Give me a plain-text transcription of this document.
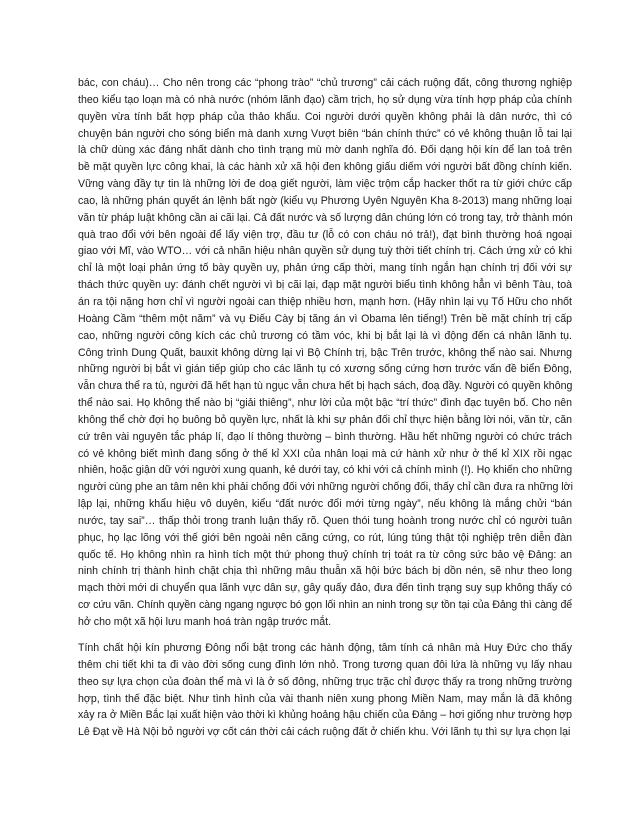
bác, con cháu)… Cho nên trong các “phong trào” “chủ trương” cải cách ruộng đất, công thương nghiệp
theo kiểu tạo loạn mà có nhà nước (nhóm lãnh đạo) cầm trịch, họ sử dụng vừa tính hợp pháp của chính
quyền vừa tính bất hợp pháp của thảo khấu. Coi người dưới quyền không phải là dân nước, thì có
chuyện bán người cho sóng biển mà danh xưng Vượt biên “bán chính thức” có vẻ không thuận lỗ tai lại
là chữ dùng xác đáng nhất dành cho tình trạng mù mờ danh nghĩa đó. Đối dạng hội kín để lan toả trên
bề mặt quyền lực công khai, là các hành xử xã hội đen không giấu diếm với người bất đồng chính kiến.
Vững vàng đầy tự tin là những lời đe doạ giết người, làm việc trộm cắp hacker thốt ra từ giới chức cấp
cao, là những phán quyết án lệnh bất ngờ (kiểu vụ Phương Uyên Nguyên Kha 8-2013) mang những loại
văn từ pháp luật không cần ai cãi lại. Cả đất nước và số lượng dân chúng lớn có trong tay, trở thành món
quà trao đổi với bên ngoài để lấy viện trợ, đầu tư (lỗ có con cháu nó trả!), đạt bình thường hoá ngoại
giao với Mĩ, vào WTO… với cả nhãn hiệu nhân quyền sử dụng tuỳ thời tiết chính trị. Cách ứng xử có khi
chỉ là một loại phản ứng tố bày quyền uy, phản ứng cấp thời, mang tính ngắn hạn chính trị đối với sự
thách thức quyền uy: đánh chết người vì bị cãi lại, đạp mặt người biểu tình không hẳn vì bênh Tàu, toà
án ra tội nặng hơn chỉ vì người ngoài can thiệp nhiều hơn, mạnh hơn. (Hãy nhìn lại vụ Tố Hữu cho nhốt
Hoàng Cầm “thêm một năm” và vụ Điếu Cày bị tăng án vì Obama lên tiếng!) Trên bề mặt chính trị cấp
cao, những người công kích các chủ trương có tầm vóc, khi bị bắt lại là vì động đến cá nhân lãnh tụ.
Công trình Dung Quất, bauxit không dừng lại vì Bộ Chính trị, bậc Trên trước, không thể nào sai. Nhưng
những người bị bắt vì gián tiếp giúp cho các lãnh tụ có xương sống cứng hơn trước vấn đề biển Đông,
vẫn chưa thể ra tù, người đã hết hạn tù ngục vẫn chưa hết bị hạch sách, đoạ đầy. Người có quyền không
thể nào sai. Họ không thể nào bị “giải thiêng”, như lời của một bậc “trí thức” đình đạc tuyên bố. Cho nên
không thể chờ đợi họ buông bỏ quyền lực, nhất là khi sự phản đối chỉ thực hiện bằng lời nói, văn từ, căn
cứ trên vài nguyên tắc pháp lí, đạo lí thông thường – bình thường. Hầu hết những người có chức trách
có vẻ không biết mình đang sống ở thế kỉ XXI của nhân loại mà cứ hành xử như ở thế kỉ XIX rồi ngạc
nhiên, hoặc giận dữ với người xung quanh, kẻ dưới tay, có khi với cả chính mình (!). Họ khiến cho những
người cùng phe an tâm nên khi phải chống đối với những người chống đối, thấy chỉ cần đưa ra những lời
lập lại, những khẩu hiệu vô duyên, kiểu “đất nước đổi mới từng ngày”, nếu không là mắng chửi “bán
nước, tay sai”… thấp thỏi trong tranh luận thấy rõ. Quen thói tung hoành trong nước chỉ có người tuân
phục, họ lạc lõng với thế giới bên ngoài nên căng cứng, co rút, lúng túng thật tội nghiệp trên diễn đàn
quốc tế. Họ không nhìn ra hình tích một thứ phong thuỷ chính trị toát ra từ công sức bảo vệ Đảng: an
ninh chính trị thành hình chặt chịa thì những mâu thuẫn xã hội bức bách bị dồn nén, sẽ như theo long
mạch thời mới di chuyển qua lãnh vực dân sự, gây quấy đảo, đưa đến tình trạng suy sụp không thấy có
cơ cứu vãn. Chính quyền càng ngang ngược bó gọn lối nhìn an ninh trong sự tồn tại của Đảng thì càng để
hở cho một xã hội lưu manh hoá tràn ngập trước mắt.
Tính chất hội kín phương Đông nổi bật trong các hành động, tâm tính cá nhân mà Huy Đức cho thấy
thêm chi tiết khi ta đi vào đời sống cung đình lớn nhỏ. Trong tương quan đôi lứa là những vụ lấy nhau
theo sự lựa chọn của đoàn thể mà vì là ở số đông, những trục trặc chỉ được thấy ra trong những trường
hợp, tình thế đặc biệt. Như tình hình của vài thanh niên xung phong Miền Nam, may mắn là đã không
xảy ra ở Miền Bắc lại xuất hiện vào thời kì khủng hoảng hậu chiến của Đảng – hơi giống như trường hợp
Lê Đạt về Hà Nội bỏ người vợ cốt cán thời cải cách ruộng đất ở chiến khu. Với lãnh tụ thì sự lựa chọn lại
